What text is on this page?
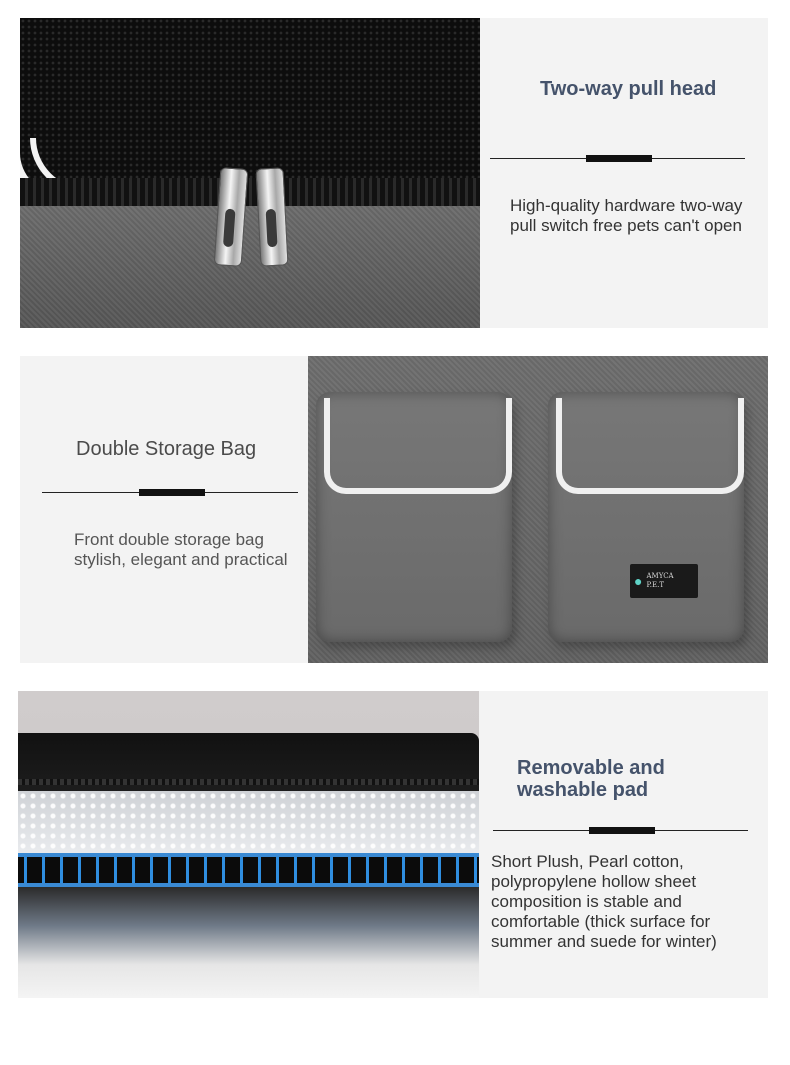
Two-way pull head
High-quality hardware two-way pull switch free pets can't open
Double Storage Bag
Front double storage bag
stylish, elegant and practical
● AMYCA
P.E.T
Removable and washable pad
Short Plush, Pearl cotton, polypropylene hollow sheet composition is stable and comfortable (thick surface for summer and suede for winter)
